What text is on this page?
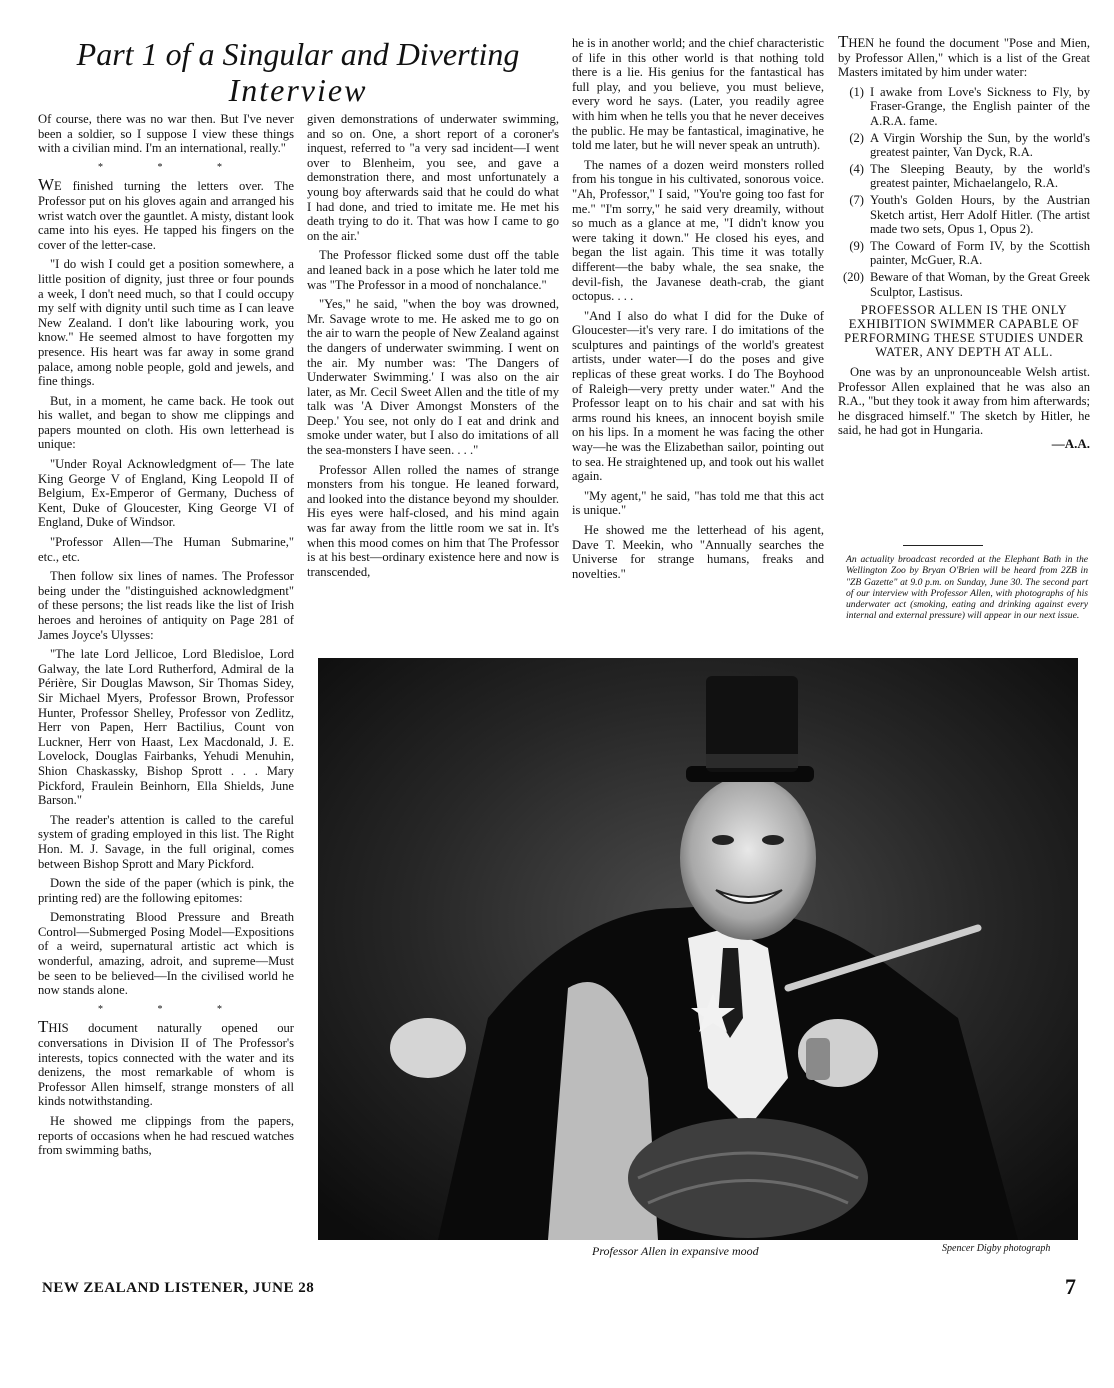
Part 1 of a Singular and Diverting
Interview

Of course, there was no war then. But I've never been a soldier, so I suppose I view these things with a civilian mind. I'm an international, really."

* * *

WE finished turning the letters over. The Professor put on his gloves again and arranged his wrist watch over the gauntlet. A misty, distant look came into his eyes. He tapped his fingers on the cover of the letter-case.

"I do wish I could get a position somewhere, a little position of dignity, just three or four pounds a week, I don't need much, so that I could occupy my self with dignity until such time as I can leave New Zealand. I don't like labouring work, you know." He seemed almost to have forgotten my presence. His heart was far away in some grand palace, among noble people, gold and jewels, and fine things.

But, in a moment, he came back. He took out his wallet, and began to show me clippings and papers mounted on cloth. His own letterhead is unique:

"Under Royal Acknowledgment of— The late King George V of England, King Leopold II of Belgium, Ex-Emperor of Germany, Duchess of Kent, Duke of Gloucester, King George VI of England, Duke of Windsor.

"Professor Allen—The Human Submarine," etc., etc.

Then follow six lines of names. The Professor being under the "distinguished acknowledgment" of these persons; the list reads like the list of Irish heroes and heroines of antiquity on Page 281 of James Joyce's Ulysses:

"The late Lord Jellicoe, Lord Bledisloe, Lord Galway, the late Lord Rutherford, Admiral de la Périère, Sir Douglas Mawson, Sir Thomas Sidey, Sir Michael Myers, Professor Brown, Professor Hunter, Professor Shelley, Professor von Zedlitz, Herr von Papen, Herr Bactilius, Count von Luckner, Herr von Haast, Lex Macdonald, J. E. Lovelock, Douglas Fairbanks, Yehudi Menuhin, Shion Chaskassky, Bishop Sprott . . . Mary Pickford, Fraulein Beinhorn, Ella Shields, June Barson."

The reader's attention is called to the careful system of grading employed in this list. The Right Hon. M. J. Savage, in the full original, comes between Bishop Sprott and Mary Pickford.

Down the side of the paper (which is pink, the printing red) are the following epitomes:

Demonstrating Blood Pressure and Breath Control—Submerged Posing Model—Expositions of a weird, supernatural artistic act which is wonderful, amazing, adroit, and supreme—Must be seen to be believed—In the civilised world he now stands alone.

* * *

THIS document naturally opened our conversations in Division II of The Professor's interests, topics connected with the water and its denizens, the most remarkable of whom is Professor Allen himself, strange monsters of all kinds notwithstanding.

He showed me clippings from the papers, reports of occasions when he had rescued watches from swimming baths,

given demonstrations of underwater swimming, and so on. One, a short report of a coroner's inquest, referred to "a very sad incident—I went over to Blenheim, you see, and gave a demonstration there, and most unfortunately a young boy afterwards said that he could do what I had done, and tried to imitate me. He met his death trying to do it. That was how I came to go on the air.'

The Professor flicked some dust off the table and leaned back in a pose which he later told me was "The Professor in a mood of nonchalance."

"Yes," he said, "when the boy was drowned, Mr. Savage wrote to me. He asked me to go on the air to warn the people of New Zealand against the dangers of underwater swimming. I went on the air. My number was: 'The Dangers of Underwater Swimming.' I was also on the air later, as Mr. Cecil Sweet Allen and the title of my talk was 'A Diver Amongst Monsters of the Deep.' You see, not only do I eat and drink and smoke under water, but I also do imitations of all the sea-monsters I have seen. . . ."

Professor Allen rolled the names of strange monsters from his tongue. He leaned forward, and looked into the distance beyond my shoulder. His eyes were half-closed, and his mind again was far away from the little room we sat in. It's when this mood comes on him that The Professor is at his best—ordinary existence here and now is transcended,

he is in another world; and the chief characteristic of life in this other world is that nothing told there is a lie. His genius for the fantastical has full play, and you believe, you must believe, every word he says. (Later, you readily agree with him when he tells you that he never deceives the public. He may be fantastical, imaginative, he told me later, but he will never speak an untruth).

The names of a dozen weird monsters rolled from his tongue in his cultivated, sonorous voice. "Ah, Professor," I said, "You're going too fast for me." "I'm sorry," he said very dreamily, without so much as a glance at me, "I didn't know you were taking it down." He closed his eyes, and began the list again. This time it was totally different—the baby whale, the sea snake, the devil-fish, the Javanese death-crab, the giant octopus. . . .

"And I also do what I did for the Duke of Gloucester—it's very rare. I do imitations of the sculptures and paintings of the world's greatest artists, under water—I do the poses and give replicas of these great works. I do The Boyhood of Raleigh—very pretty under water." And the Professor leapt on to his chair and sat with his arms round his knees, an innocent boyish smile on his lips. In a moment he was facing the other way—he was the Elizabethan sailor, pointing out to sea. He straightened up, and took out his wallet again.

"My agent," he said, "has told me that this act is unique."

He showed me the letterhead of his agent, Dave T. Meekin, who "Annually searches the Universe for strange humans, freaks and novelties."

THEN he found the document "Pose and Mien, by Professor Allen," which is a list of the Great Masters imitated by him under water:

(1) I awake from Love's Sickness to Fly, by Fraser-Grange, the English painter of the A.R.A. fame.
(2) A Virgin Worship the Sun, by the world's greatest painter, Van Dyck, R.A.
(4) The Sleeping Beauty, by the world's greatest painter, Michaelangelo, R.A.
(7) Youth's Golden Hours, by the Austrian Sketch artist, Herr Adolf Hitler. (The artist made two sets, Opus 1, Opus 2).
(9) The Coward of Form IV, by the Scottish painter, McGuer, R.A.
(20) Beware of that Woman, by the Great Greek Sculptor, Lastisus.
PROFESSOR ALLEN IS THE ONLY EXHIBITION SWIMMER CAPABLE OF PERFORMING THESE STUDIES UNDER WATER, ANY DEPTH AT ALL.

One was by an unpronounceable Welsh artist. Professor Allen explained that he was also an R.A., "but they took it away from him afterwards; he disgraced himself." The sketch by Hitler, he said, he had got in Hungaria.

—A.A.
An actuality broadcast recorded at the Elephant Bath in the Wellington Zoo by Bryan O'Brien will be heard from 2ZB in "ZB Gazette" at 9.0 p.m. on Sunday, June 30. The second part of our interview with Professor Allen, with photographs of his underwater act (smoking, eating and drinking against every internal and external pressure) will appear in our next issue.
Professor Allen in expansive mood	Spencer Digby photograph
NEW ZEALAND LISTENER, JUNE 28	7
